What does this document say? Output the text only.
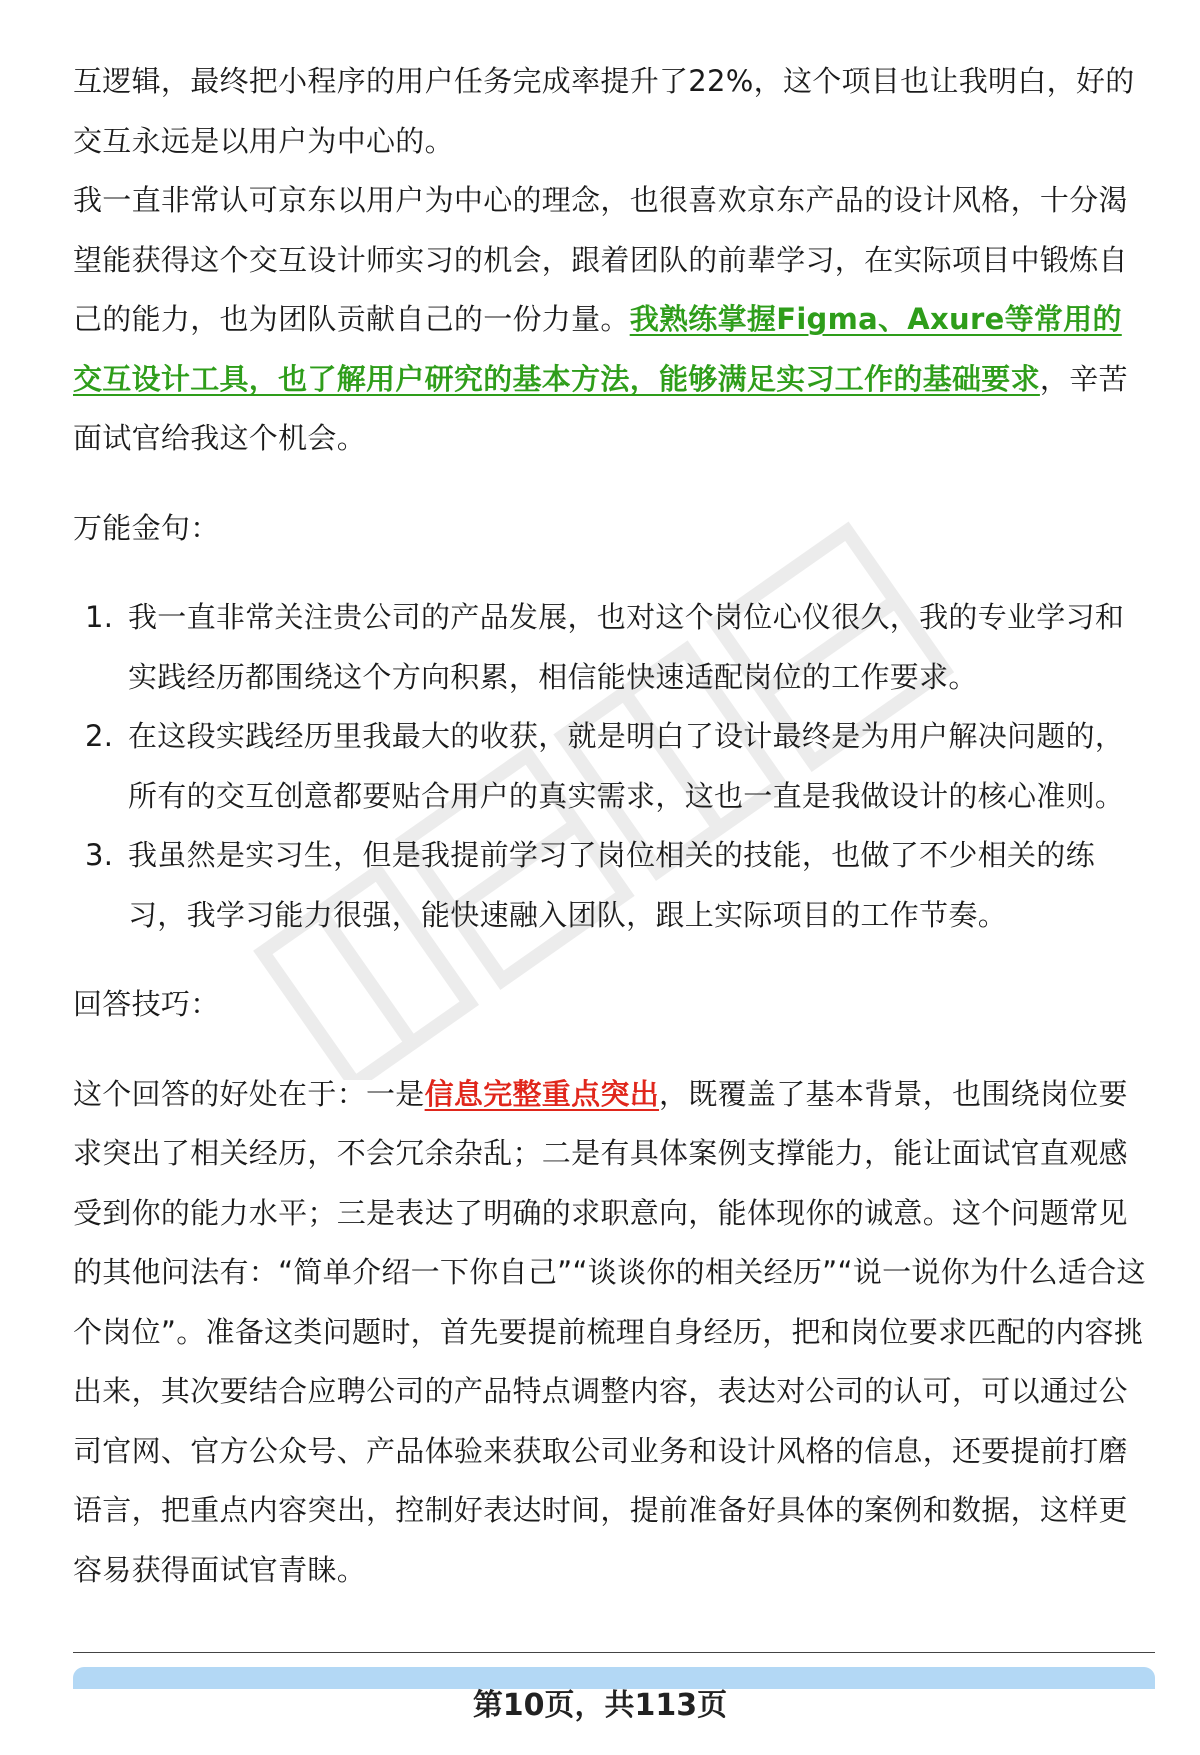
互逻辑，最终把小程序的用户任务完成率提升了22%，这个项目也让我明白，好的交互永远是以用户为中心的。

我一直非常认可京东以用户为中心的理念，也很喜欢京东产品的设计风格，十分渴望能获得这个交互设计师实习的机会，跟着团队的前辈学习，在实际项目中锻炼自己的能力，也为团队贡献自己的一份力量。我熟练掌握Figma、Axure等常用的交互设计工具，也了解用户研究的基本方法，能够满足实习工作的基础要求，辛苦面试官给我这个机会。

万能金句：

1. 我一直非常关注贵公司的产品发展，也对这个岗位心仪很久，我的专业学习和实践经历都围绕这个方向积累，相信能快速适配岗位的工作要求。
2. 在这段实践经历里我最大的收获，就是明白了设计最终是为用户解决问题的，所有的交互创意都要贴合用户的真实需求，这也一直是我做设计的核心准则。
3. 我虽然是实习生，但是我提前学习了岗位相关的技能，也做了不少相关的练习，我学习能力很强，能快速融入团队，跟上实际项目的工作节奏。

回答技巧：

这个回答的好处在于：一是信息完整重点突出，既覆盖了基本背景，也围绕岗位要求突出了相关经历，不会冗余杂乱；二是有具体案例支撑能力，能让面试官直观感受到你的能力水平；三是表达了明确的求职意向，能体现你的诚意。这个问题常见的其他问法有：“简单介绍一下你自己”“谈谈你的相关经历”“说一说你为什么适合这个岗位”。准备这类问题时，首先要提前梳理自身经历，把和岗位要求匹配的内容挑出来，其次要结合应聘公司的产品特点调整内容，表达对公司的认可，可以通过公司官网、官方公众号、产品体验来获取公司业务和设计风格的信息，还要提前打磨语言，把重点内容突出，控制好表达时间，提前准备好具体的案例和数据，这样更容易获得面试官青睐。

第10页，共113页
